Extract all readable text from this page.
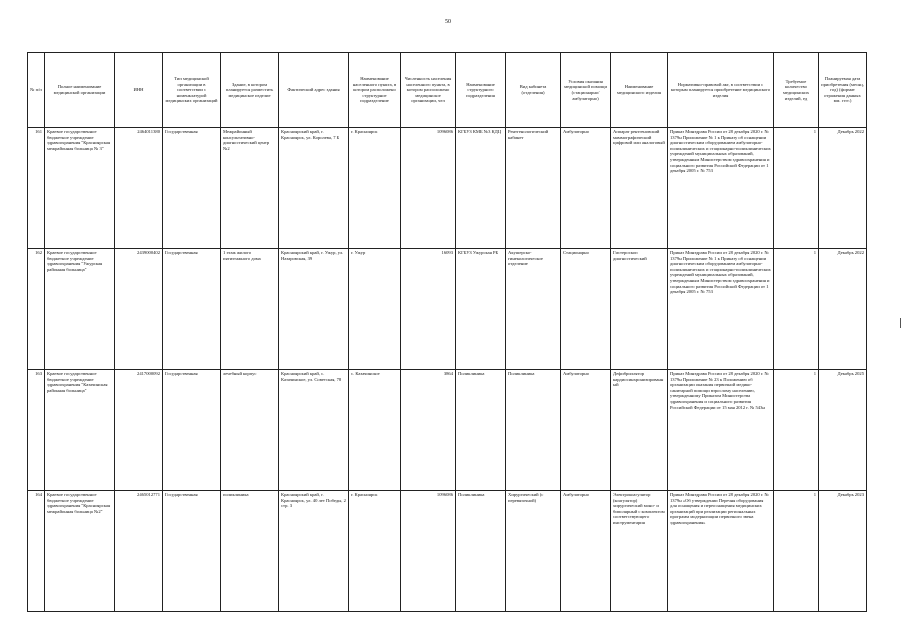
50
№ п/п	Полное наименование медицинской организации	ИНН	Тип медицинской организации в соответствии с номенклатурой медицинских организаций	Здание, в котором планируется разместить медицинское изделие	Фактический адрес здания	Наименование населенного пункта, в котором расположено структурное подразделение	Численность населения населенного пункта, в котором расположено медицинское организации, чел	Наименование структурного подразделения	Вид кабинета (отделения)	Условия оказания медицинской помощи (стационарно/ амбулаторно)	Наименование медицинского изделия	Нормативно-правовой акт, в соответствии с которым планируется приобретение медицинского изделия	Требуемое количество медицинских изделий, ед	Планируемая дата приобретения (месяц, год) (формат отражения данных мм. гггг.)
161	Краевое государственное бюджетное учреждение здравоохранения "Красноярская межрайонная больница № 3"	2464011380	Государственная	Межрайонный консультативно-диагностический центр №2	Красноярский край, г. Красноярск, ул. Королева, 7 Б	г. Красноярск	1096086	КГБУЗ КМБ №3 КДЦ	Рентгенологический кабинет	Амбулаторно	Аппарат рентгеновский маммографический цифровой или аналоговый	Приказ Минздрава России от 28 декабря 2020 г. № 1379н Приложение № 1 к Приказу об оснащении диагностическим оборудованием амбулаторно-поликлинических и стационарно-поликлинических учреждений муниципальных образований, утвержденным Министерством здравоохранения и социального развития Российской Федерации от 1 декабря 2005 г. № 753	1	Декабрь 2022
162	Краевое государственное бюджетное учреждение здравоохранения "Ужурская районная больница"	2439000402	Государственная	1 этаж жилого пятиэтажного дома	Красноярский край, г. Ужур, ул. Назаровская, 39	г. Ужур	16093	КГБУЗ Ужурская РБ	Акушерско-гинекологическое отделение	Стационарно	Гистероскоп диагностический	Приказ Минздрава России от 28 декабря 2020 г. № 1379н Приложение № 1 к Приказу об оснащении диагностическим оборудованием амбулаторно-поликлинических и стационарно-поликлинических учреждений муниципальных образований, утвержденным Министерством здравоохранения и социального развития Российской Федерации от 1 декабря 2005 г. № 753	1	Декабрь 2022
163	Краевое государственное бюджетное учреждение здравоохранения "Казачинская районная больница"	2417000092	Государственная	лечебный корпус	Красноярский край, с. Казачинское, ул. Советская, 78	с. Казачинское	3864	Поликлиника	Поликлиника	Амбулаторно	Дефибриллятор кардиосинхронизированный	Приказ Минздрава России от 28 декабря 2020 г. № 1379н Приложение № 23 к Положению об организации оказания первичной медико-санитарной помощи взрослому населению, утвержденному Приказом Министерства здравоохранения и социального развития Российской Федерации от 15 мая 2012 г. № 543н	1	Декабрь 2025
164	Краевое государственное бюджетное учреждение здравоохранения "Красноярская межрайонная больница №2"	2465012771	Государственная	поликлиника	Красноярский край, г. Красноярск, ул. 40 лет Победы, 2 стр. 3	г. Красноярск	1096086	Поликлиника	Хирургический (с перевязочной)	Амбулаторно	Электрокоагулятор (коагулятор) хирургический моно- и биполярный с комплектом соответствующего инструментария	Приказ Минздрава России от 28 декабря 2020 г. № 1379н «Об утверждении Перечня оборудования для оснащения и переоснащения медицинских организаций при реализации региональных программ модернизации первичного звена здравоохранения»	1	Декабрь 2023
